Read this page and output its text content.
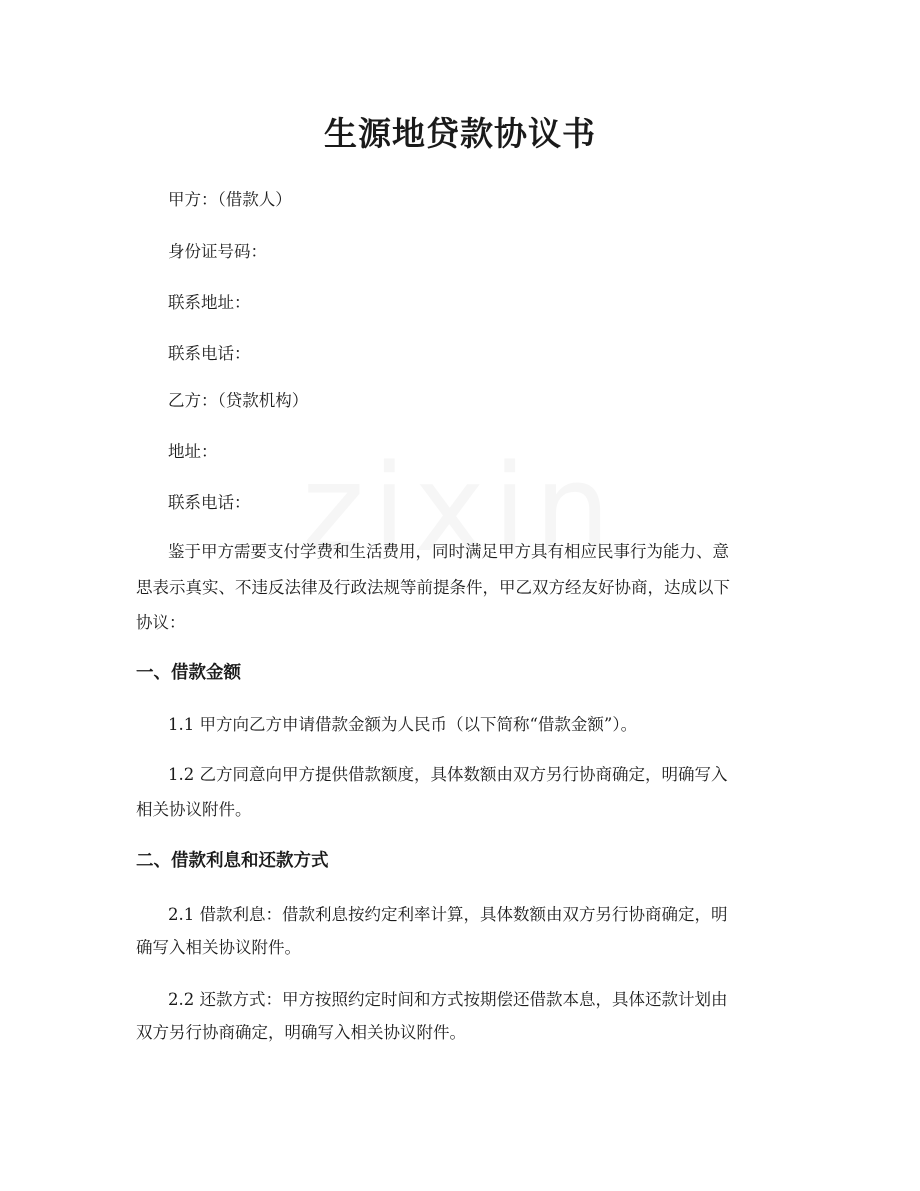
生源地贷款协议书
甲方：（借款人）
身份证号码：
联系地址：
联系电话：
乙方：（贷款机构）
地址：
联系电话：
鉴于甲方需要支付学费和生活费用，同时满足甲方具有相应民事行为能力、意
思表示真实、不违反法律及行政法规等前提条件，甲乙双方经友好协商，达成以下
协议：
一、借款金额
1.1 甲方向乙方申请借款金额为人民币（以下简称“借款金额”）。
1.2 乙方同意向甲方提供借款额度，具体数额由双方另行协商确定，明确写入
相关协议附件。
二、借款利息和还款方式
2.1 借款利息：借款利息按约定利率计算，具体数额由双方另行协商确定，明
确写入相关协议附件。
2.2 还款方式：甲方按照约定时间和方式按期偿还借款本息，具体还款计划由
双方另行协商确定，明确写入相关协议附件。
